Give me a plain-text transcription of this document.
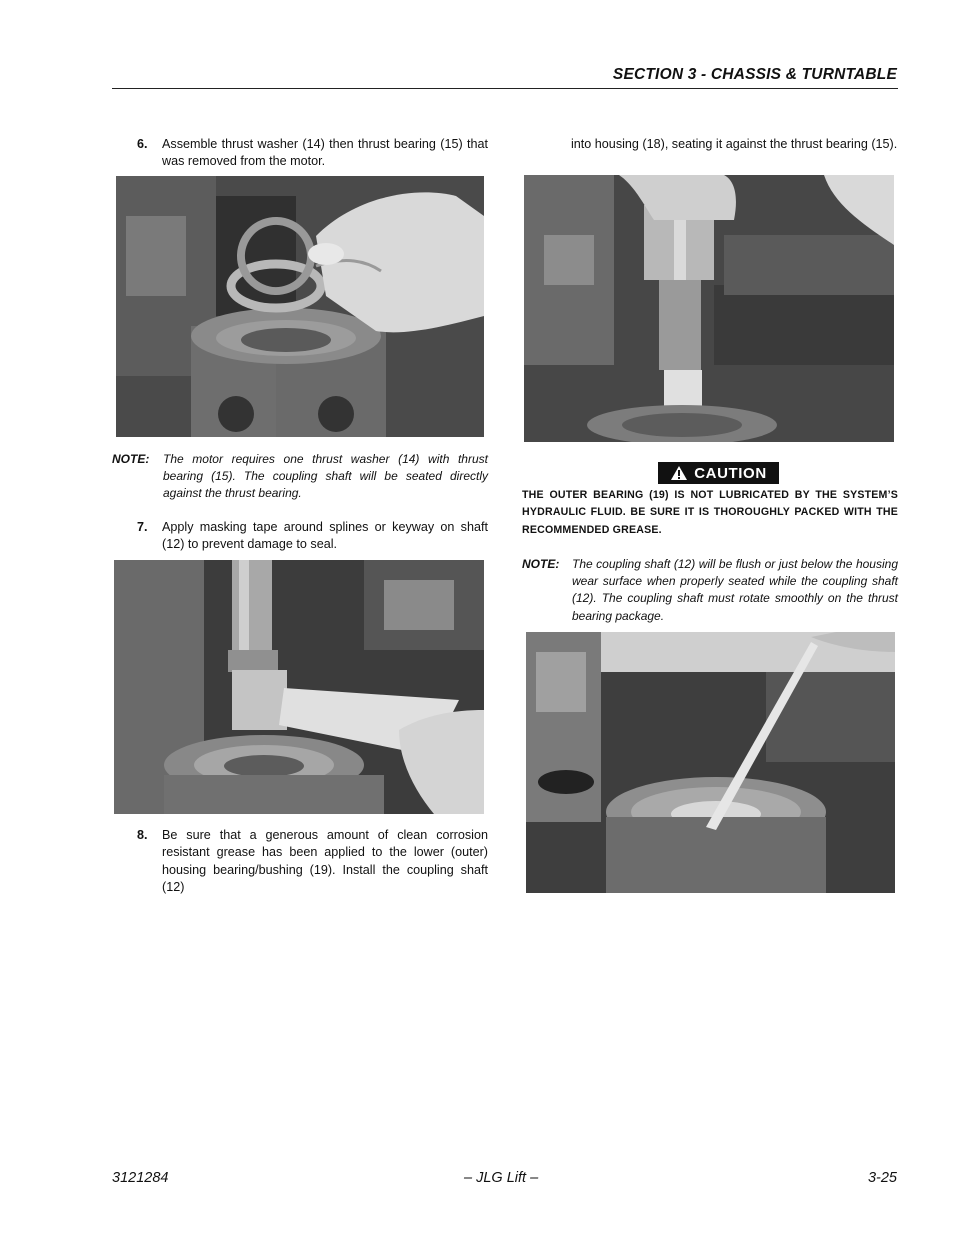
SECTION 3 - CHASSIS & TURNTABLE
6. Assemble thrust washer (14) then thrust bearing (15) that was removed from the motor.
NOTE: The motor requires one thrust washer (14) with thrust bearing (15). The coupling shaft will be seated directly against the thrust bearing.
7. Apply masking tape around splines or keyway on shaft (12) to prevent damage to seal.
8. Be sure that a generous amount of clean corrosion resistant grease has been applied to the lower (outer) housing bearing/bushing (19). Install the coupling shaft (12)
into housing (18), seating it against the thrust bearing (15).
CAUTION
THE OUTER BEARING (19) IS NOT LUBRICATED BY THE SYSTEM’S HYDRAULIC FLUID. BE SURE IT IS THOROUGHLY PACKED WITH THE RECOMMENDED GREASE.
NOTE: The coupling shaft (12) will be flush or just below the housing wear surface when properly seated while the coupling shaft (12). The coupling shaft must rotate smoothly on the thrust bearing package.
3121284	– JLG Lift –	3-25
